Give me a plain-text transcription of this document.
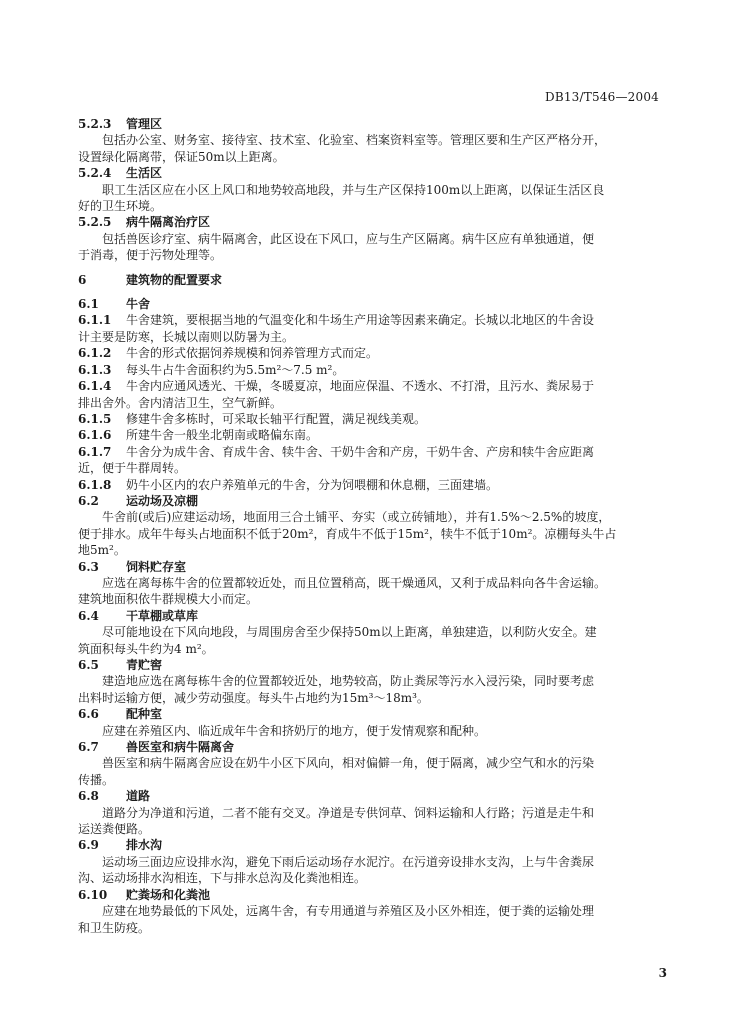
DB13/T546—2004
5.2.3 管理区
包括办公室、财务室、接待室、技术室、化验室、档案资料室等。管理区要和生产区严格分开，
设置绿化隔离带，保证50m以上距离。
5.2.4 生活区
职工生活区应在小区上风口和地势较高地段，并与生产区保持100m以上距离，以保证生活区良
好的卫生环境。
5.2.5 病牛隔离治疗区
包括兽医诊疗室、病牛隔离舍，此区设在下风口，应与生产区隔离。病牛区应有单独通道，便
于消毒，便于污物处理等。
6	建筑物的配置要求
6.1 牛舍
6.1.1 牛舍建筑，要根据当地的气温变化和牛场生产用途等因素来确定。长城以北地区的牛舍设
计主要是防寒，长城以南则以防暑为主。
6.1.2 牛舍的形式依据饲养规模和饲养管理方式而定。
6.1.3 每头牛占牛舍面积约为5.5m²～7.5 m²。
6.1.4 牛舍内应通风透光、干燥，冬暖夏凉，地面应保温、不透水、不打滑，且污水、粪尿易于
排出舍外。舍内清洁卫生，空气新鲜。
6.1.5 修建牛舍多栋时，可采取长轴平行配置，满足视线美观。
6.1.6 所建牛舍一般坐北朝南或略偏东南。
6.1.7 牛舍分为成牛舍、育成牛舍、犊牛舍、干奶牛舍和产房，干奶牛舍、产房和犊牛舍应距离
近，便于牛群周转。
6.1.8 奶牛小区内的农户养殖单元的牛舍，分为饲喂棚和休息棚，三面建墙。
6.2 运动场及凉棚
牛舍前(或后)应建运动场，地面用三合土铺平、夯实（或立砖铺地），并有1.5%～2.5%的坡度，
便于排水。成年牛每头占地面积不低于20m²，育成牛不低于15m²，犊牛不低于10m²。凉棚每头牛占
地5m²。
6.3 饲料贮存室
应选在离每栋牛舍的位置都较近处，而且位置稍高，既干燥通风，又利于成品料向各牛舍运输。
建筑地面积依牛群规模大小而定。
6.4 干草棚或草库
尽可能地设在下风向地段，与周围房舍至少保持50m以上距离，单独建造，以利防火安全。建
筑面积每头牛约为4 m²。
6.5 青贮窖
建造地应选在离每栋牛舍的位置都较近处，地势较高，防止粪尿等污水入浸污染，同时要考虑
出料时运输方便，减少劳动强度。每头牛占地约为15m³～18m³。
6.6 配种室
应建在养殖区内、临近成年牛舍和挤奶厅的地方，便于发情观察和配种。
6.7 兽医室和病牛隔离舍
兽医室和病牛隔离舍应设在奶牛小区下风向，相对偏僻一角，便于隔离，减少空气和水的污染
传播。
6.8 道路
道路分为净道和污道，二者不能有交叉。净道是专供饲草、饲料运输和人行路；污道是走牛和
运送粪便路。
6.9 排水沟
运动场三面边应设排水沟，避免下雨后运动场存水泥泞。在污道旁设排水支沟，上与牛舍粪尿
沟、运动场排水沟相连，下与排水总沟及化粪池相连。
6.10 贮粪场和化粪池
应建在地势最低的下风处，远离牛舍，有专用通道与养殖区及小区外相连，便于粪的运输处理
和卫生防疫。
3
